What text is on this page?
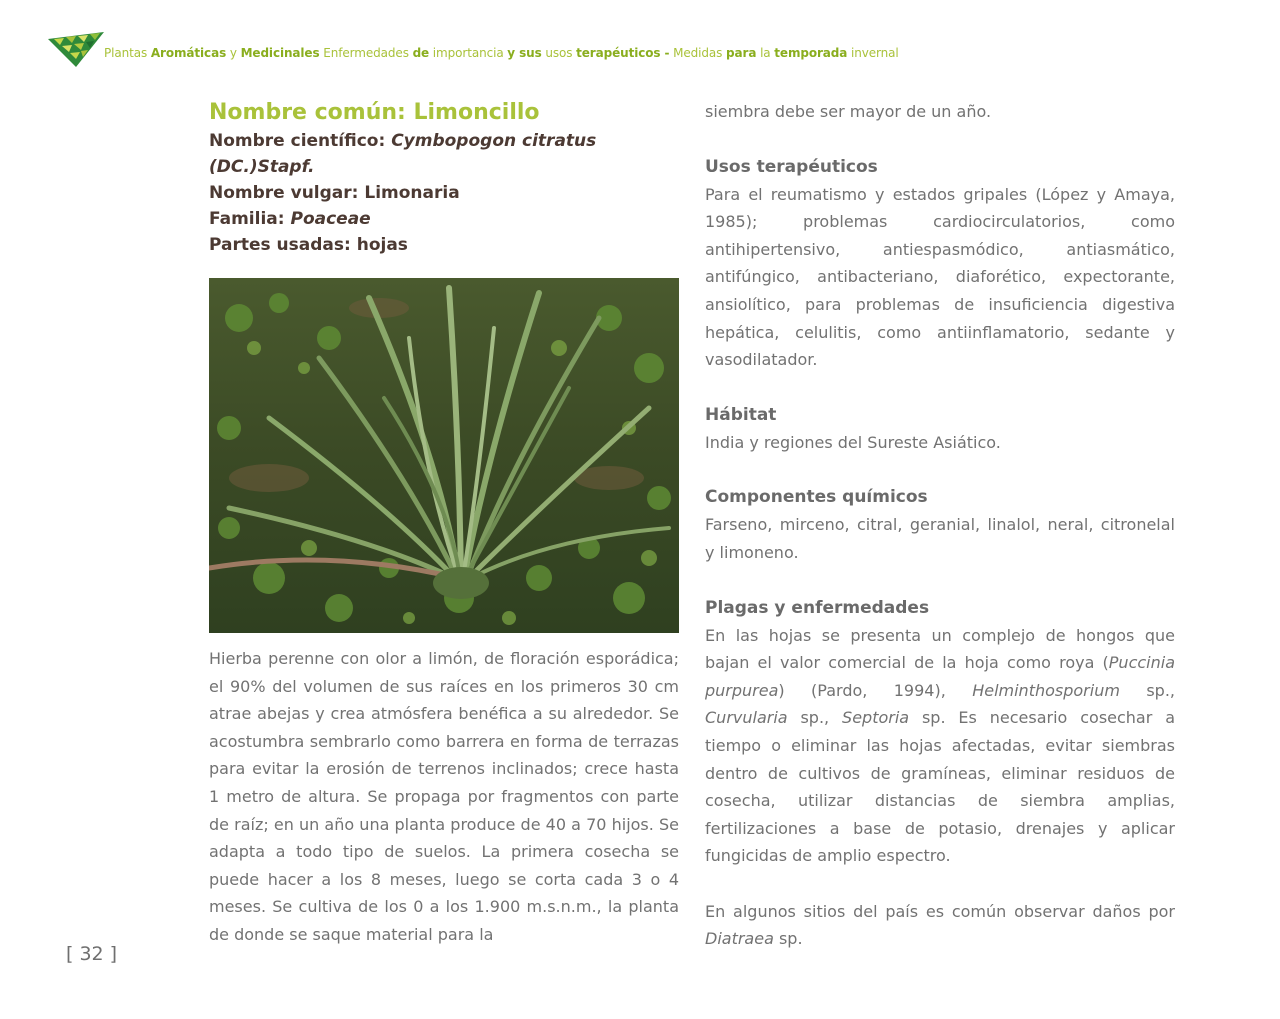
Plantas Aromáticas y Medicinales Enfermedades de importancia y sus usos terapéuticos - Medidas para la temporada invernal
Nombre común: Limoncillo
Nombre científico: Cymbopogon citratus (DC.)Stapf.
Nombre vulgar: Limonaria
Familia: Poaceae
Partes usadas: hojas

Hierba perenne con olor a limón, de floración esporádica; el 90% del volumen de sus raíces en los primeros 30 cm atrae abejas y crea atmósfera benéfica a su alrededor. Se acostumbra sembrarlo como barrera en forma de terrazas para evitar la erosión de terrenos inclinados; crece hasta 1 metro de altura. Se propaga por fragmentos con parte de raíz; en un año una planta produce de 40 a 70 hijos. Se adapta a todo tipo de suelos. La primera cosecha se puede hacer a los 8 meses, luego se corta cada 3 o 4 meses. Se cultiva de los 0 a los 1.900 m.s.n.m., la planta de donde se saque material para la

siembra debe ser mayor de un año.

Usos terapéuticos

Para el reumatismo y estados gripales (López y Amaya, 1985); problemas cardiocirculatorios, como antihipertensivo, antiespasmódico, antiasmático, antifúngico, antibacteriano, diaforético, expectorante, ansiolítico, para problemas de insuficiencia digestiva hepática, celulitis, como antiinflamatorio, sedante y vasodilatador.

Hábitat

India y regiones del Sureste Asiático.

Componentes químicos

Farseno, mirceno, citral, geranial, linalol, neral, citronelal y limoneno.

Plagas y enfermedades

En las hojas se presenta un complejo de hongos que bajan el valor comercial de la hoja como roya (Puccinia purpurea) (Pardo, 1994), Helminthosporium sp., Curvularia sp., Septoria sp. Es necesario cosechar a tiempo o eliminar las hojas afectadas, evitar siembras dentro de cultivos de gramíneas, eliminar residuos de cosecha, utilizar distancias de siembra amplias, fertilizaciones a base de potasio, drenajes y aplicar fungicidas de amplio espectro.

En algunos sitios del país es común observar daños por Diatraea sp.

[ 32 ]
